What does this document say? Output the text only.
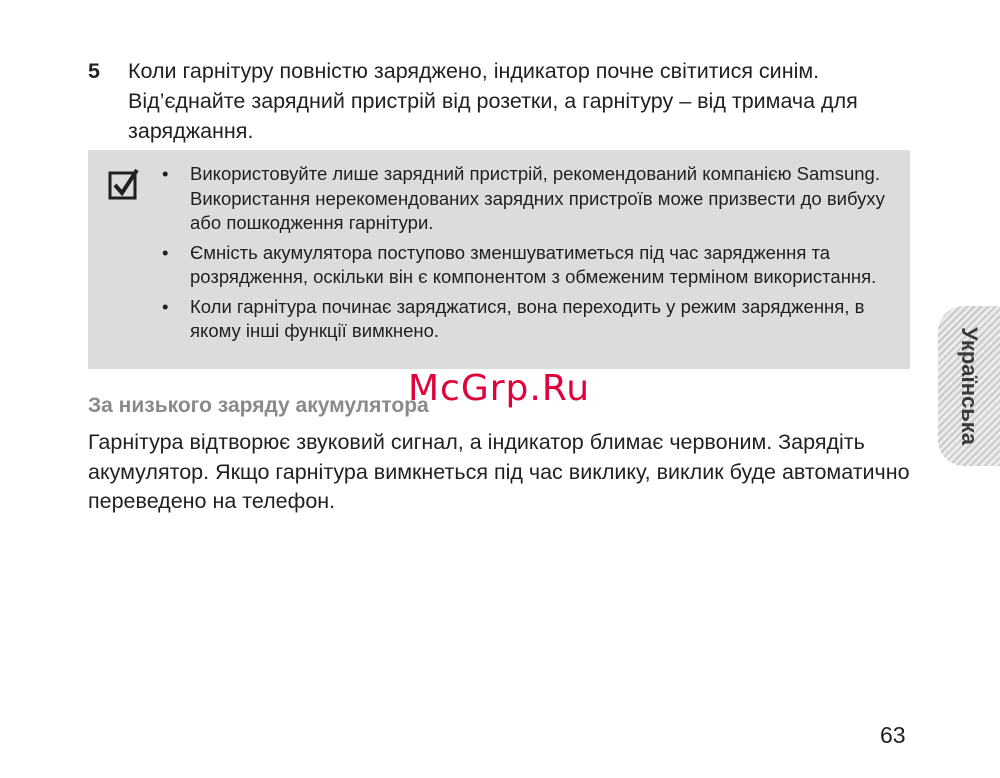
5 Коли гарнітуру повністю заряджено, індикатор почне світитися синім. Від’єднайте зарядний пристрій від розетки, а гарнітуру – від тримача для заряджання.
• Використовуйте лише зарядний пристрій, рекомендований компанією Samsung. Використання нерекомендованих зарядних пристроїв може призвести до вибуху або пошкодження гарнітури.
• Ємність акумулятора поступово зменшуватиметься під час зарядження та розрядження, оскільки він є компонентом з обмеженим терміном використання.
• Коли гарнітура починає заряджатися, вона переходить у режим зарядження, в якому інші функції вимкнено.
За низького заряду акумулятора
Гарнітура відтворює звуковий сигнал, а індикатор блимає червоним. Зарядіть акумулятор. Якщо гарнітура вимкнеться під час виклику, виклик буде автоматично переведено на телефон.
Українська
McGrp.Ru
63
